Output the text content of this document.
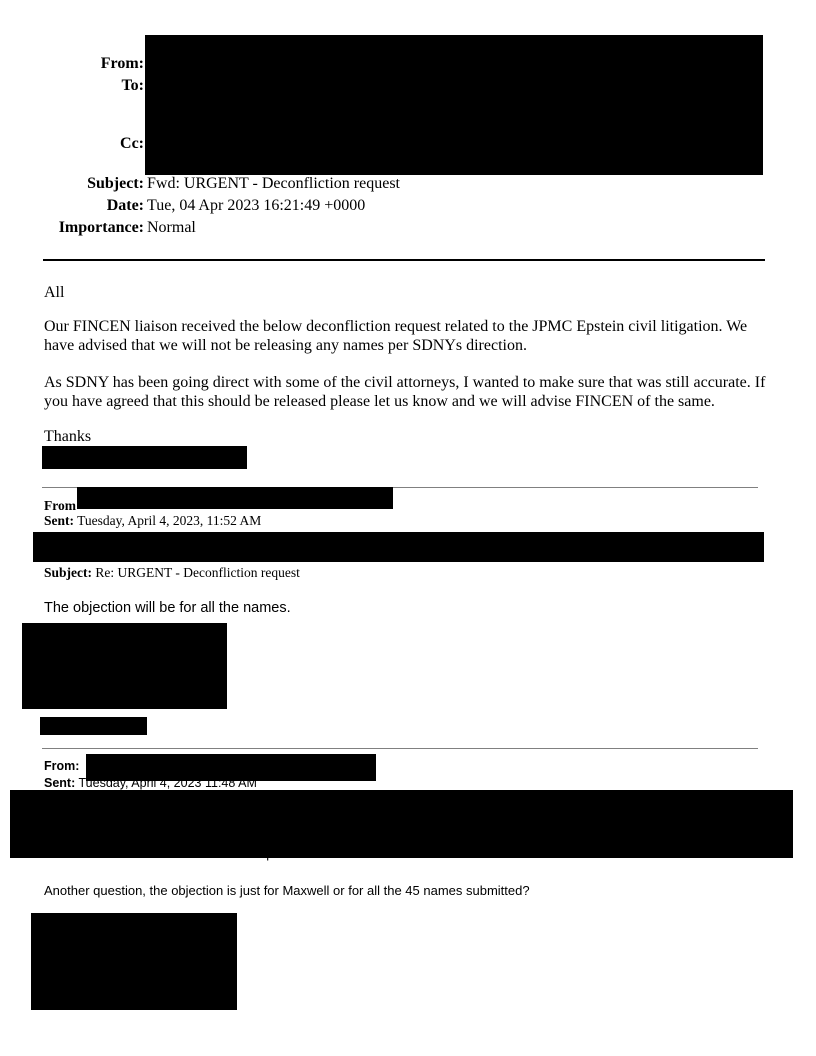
From:
To:
Cc:
Subject: Fwd: URGENT - Deconfliction request
Date: Tue, 04 Apr 2023 16:21:49 +0000
Importance: Normal
All
Our FINCEN liaison received the below deconfliction request related to the JPMC Epstein civil litigation. We have advised that we will not be releasing any names per SDNYs direction.
As SDNY has been going direct with some of the civil attorneys, I wanted to make sure that was still accurate. If you have agreed that this should be released please let us know and we will advise FINCEN of the same.
Thanks
From
Sent: Tuesday, April 4, 2023, 11:52 AM
Subject: Re: URGENT - Deconfliction request
The objection will be for all the names.
From:
Sent: Tuesday, April 4, 2023 11:48 AM
Another question, the objection is just for Maxwell or for all the 45 names submitted?
